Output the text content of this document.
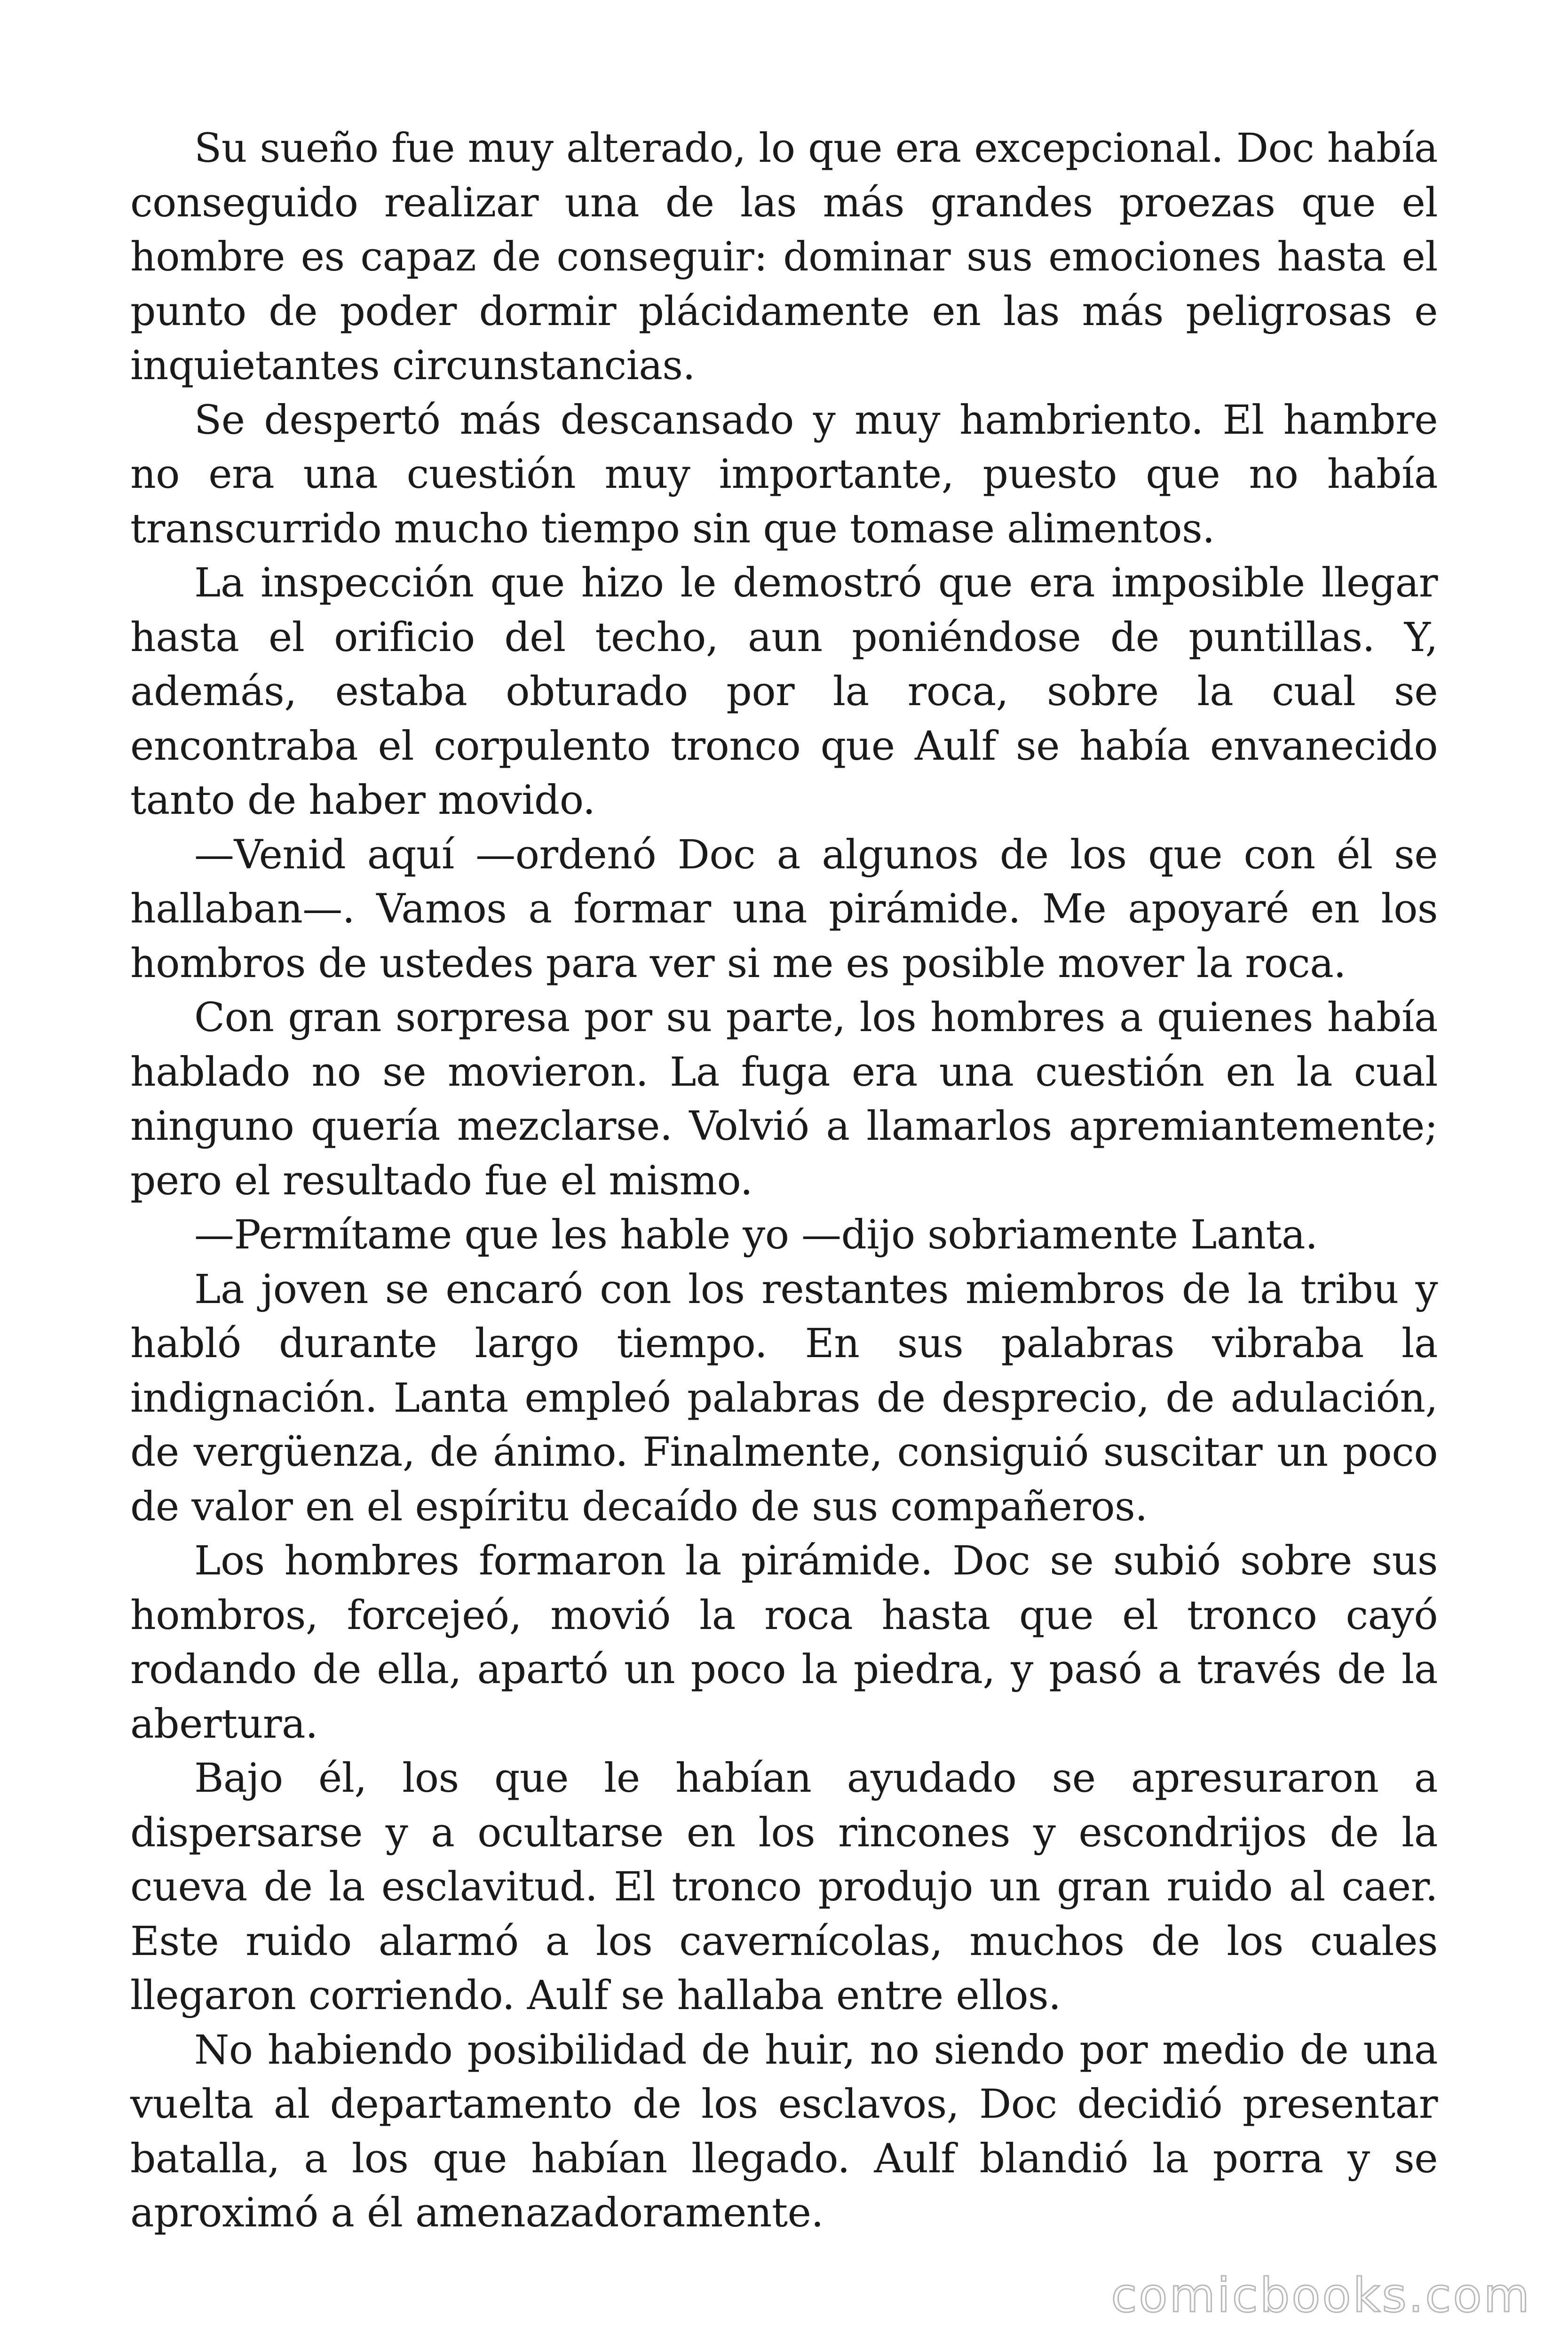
Su sueño fue muy alterado, lo que era excepcional. Doc había conseguido realizar una de las más grandes proezas que el hombre es capaz de conseguir: dominar sus emociones hasta el punto de poder dormir plácidamente en las más peligrosas e inquietantes circunstancias.

Se despertó más descansado y muy hambriento. El hambre no era una cuestión muy importante, puesto que no había transcurrido mucho tiempo sin que tomase alimentos.

La inspección que hizo le demostró que era imposible llegar hasta el orificio del techo, aun poniéndose de puntillas. Y, además, estaba obturado por la roca, sobre la cual se encontraba el corpulento tronco que Aulf se había envanecido tanto de haber movido.

—Venid aquí —ordenó Doc a algunos de los que con él se hallaban—. Vamos a formar una pirámide. Me apoyaré en los hombros de ustedes para ver si me es posible mover la roca.

Con gran sorpresa por su parte, los hombres a quienes había hablado no se movieron. La fuga era una cuestión en la cual ninguno quería mezclarse. Volvió a llamarlos apremiantemente; pero el resultado fue el mismo.

—Permítame que les hable yo —dijo sobriamente Lanta.

La joven se encaró con los restantes miembros de la tribu y habló durante largo tiempo. En sus palabras vibraba la indignación. Lanta empleó palabras de desprecio, de adulación, de vergüenza, de ánimo. Finalmente, consiguió suscitar un poco de valor en el espíritu decaído de sus compañeros.

Los hombres formaron la pirámide. Doc se subió sobre sus hombros, forcejeó, movió la roca hasta que el tronco cayó rodando de ella, apartó un poco la piedra, y pasó a través de la abertura.

Bajo él, los que le habían ayudado se apresuraron a dispersarse y a ocultarse en los rincones y escondrijos de la cueva de la esclavitud. El tronco produjo un gran ruido al caer. Este ruido alarmó a los cavernícolas, muchos de los cuales llegaron corriendo. Aulf se hallaba entre ellos.

No habiendo posibilidad de huir, no siendo por medio de una vuelta al departamento de los esclavos, Doc decidió presentar batalla, a los que habían llegado. Aulf blandió la porra y se aproximó a él amenazadoramente.

comicbooks.com
